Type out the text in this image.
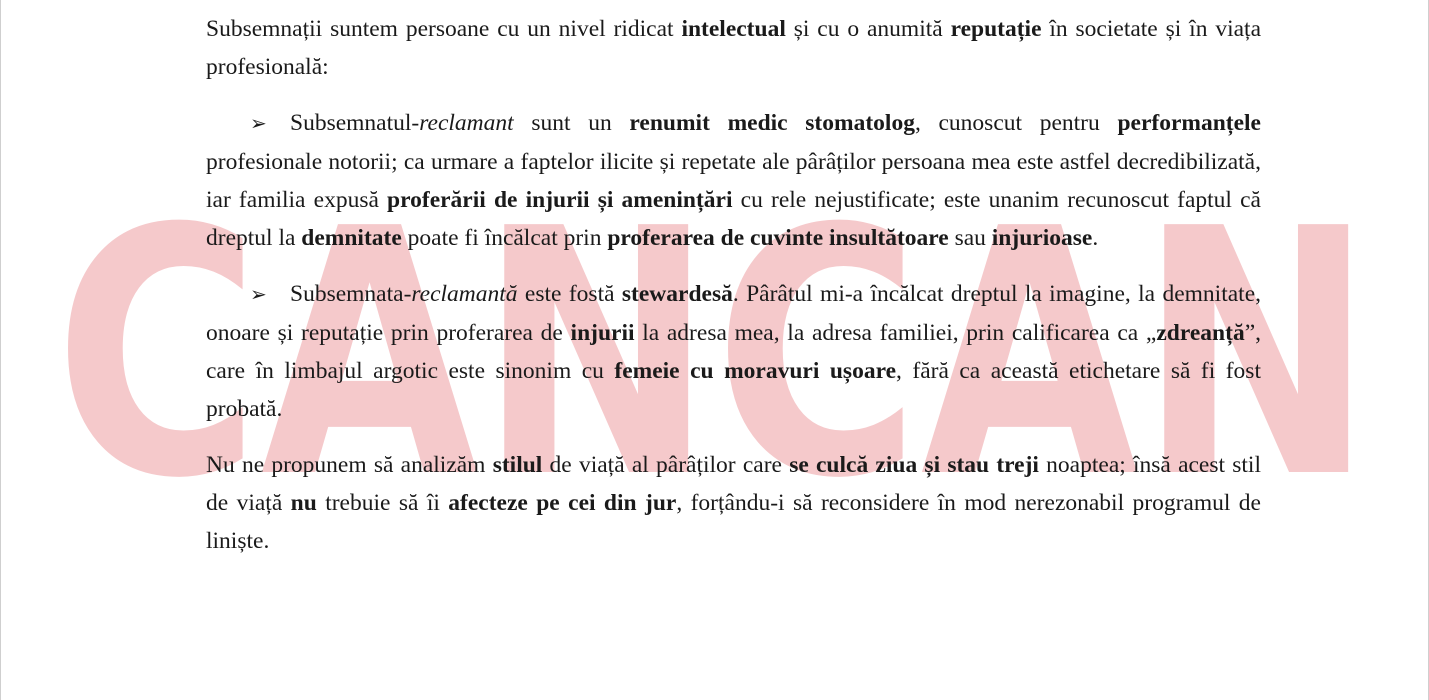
CANCAN

Subsemnații suntem persoane cu un nivel ridicat intelectual și cu o anumită reputație în societate și în viața profesională:

➢ Subsemnatul-reclamant sunt un renumit medic stomatolog, cunoscut pentru performanțele profesionale notorii; ca urmare a faptelor ilicite și repetate ale pârâților persoana mea este astfel decredibilizată, iar familia expusă proferării de injurii și amenințări cu rele nejustificate; este unanim recunoscut faptul că dreptul la demnitate poate fi încălcat prin proferarea de cuvinte insultătoare sau injurioase.

➢ Subsemnata-reclamantă este fostă stewardesă. Pârâtul mi-a încălcat dreptul la imagine, la demnitate, onoare și reputație prin proferarea de injurii la adresa mea, la adresa familiei, prin calificarea ca „zdreanță”, care în limbajul argotic este sinonim cu femeie cu moravuri ușoare, fără ca această etichetare să fi fost probată.

Nu ne propunem să analizăm stilul de viață al pârâților care se culcă ziua și stau treji noaptea; însă acest stil de viață nu trebuie să îi afecteze pe cei din jur, forțându-i să reconsidere în mod nerezonabil programul de liniște.
